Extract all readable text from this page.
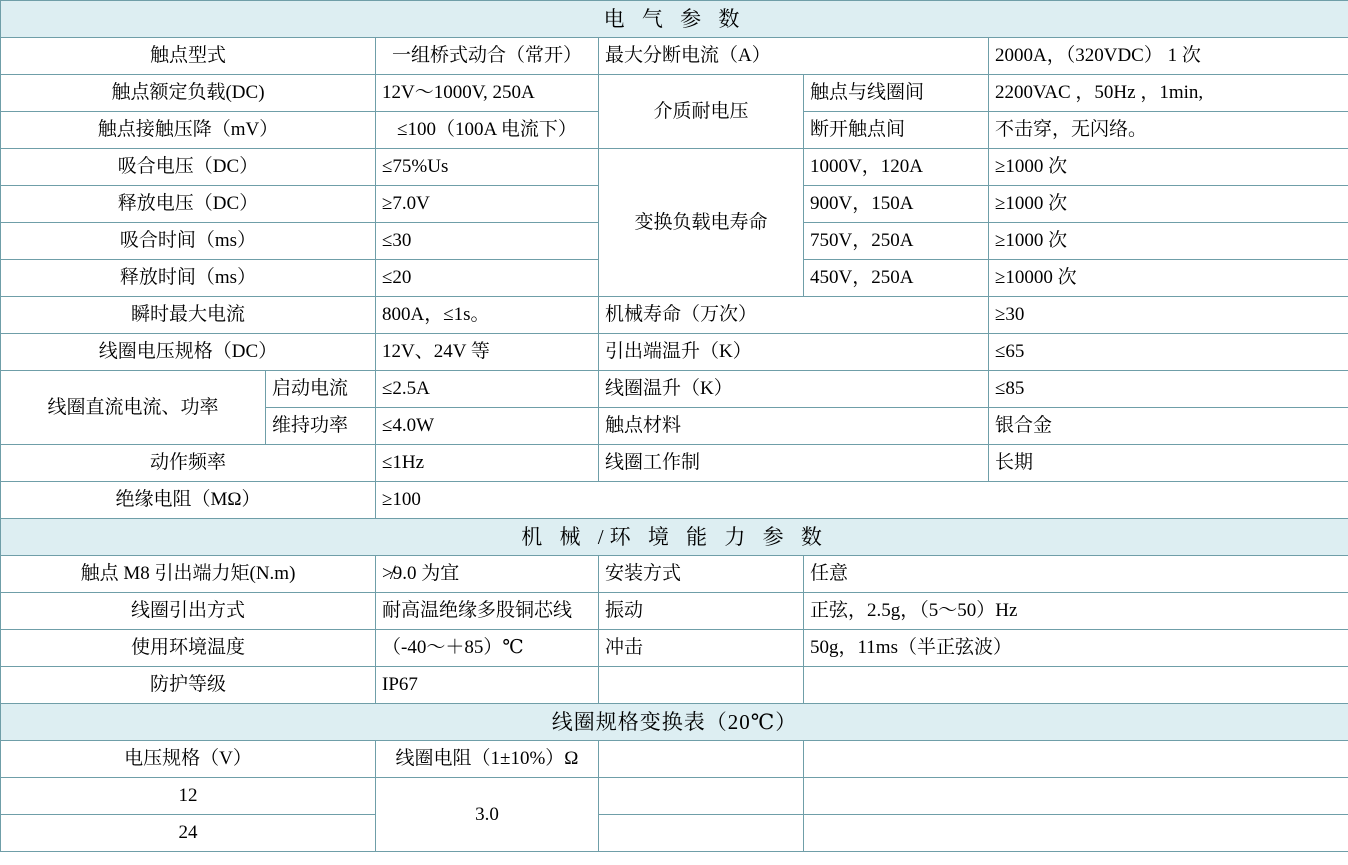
电 气 参 数					
触点型式		一组桥式动合（常开）	最大分断电流（A）		2000A，（320VDC） 1 次
触点额定负载(DC)		12V～1000V, 250A	介质耐电压	触点与线圈间	2200VAC ，50Hz ，1min,
触点接触压降（mV）		≤100（100A 电流下）		断开触点间	不击穿，无闪络。
吸合电压（DC）		≤75%Us	变换负载电寿命	1000V，120A	≥1000 次
释放电压（DC）		≥7.0V		900V，150A	≥1000 次
吸合时间（ms）		≤30		750V，250A	≥1000 次
释放时间（ms）		≤20		450V，250A	≥10000 次
瞬时最大电流		800A，≤1s。	机械寿命（万次）		≥30
线圈电压规格（DC）		12V、24V 等	引出端温升（K）		≤65
线圈直流电流、功率	启动电流	≤2.5A	线圈温升（K）		≤85
	维持功率	≤4.0W	触点材料		银合金
动作频率		≤1Hz	线圈工作制		长期
绝缘电阻（MΩ）		≥100			
机 械 /环 境 能 力 参 数					
触点 M8 引出端力矩(N.m)		≯9.0 为宜	安装方式	任意	
线圈引出方式		耐高温绝缘多股铜芯线	振动	正弦，2.5g，（5～50）Hz	
使用环境温度		（-40～＋85）℃	冲击	50g，11ms（半正弦波）	
防护等级		IP67			
线圈规格变换表（20℃）					
电压规格（V）		线圈电阻（1±10%）Ω			
12		3.0			
24					
